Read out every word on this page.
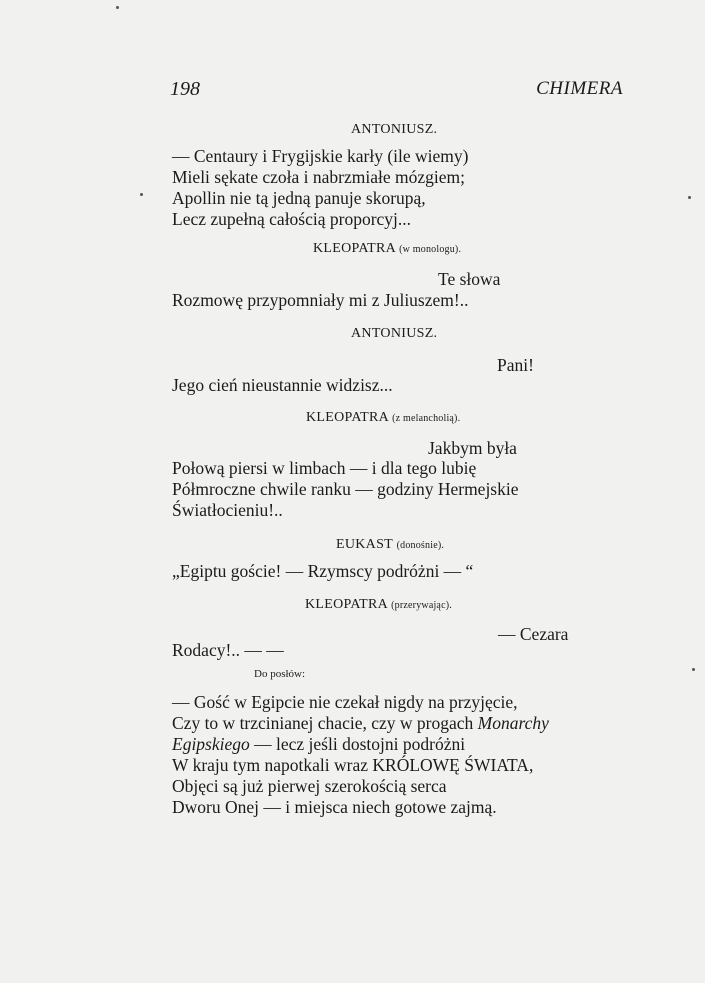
198	CHIMERA
ANTONIUSZ.
— Centaury i Frygijskie karły (ile wiemy)
Mieli sękate czoła i nabrzmiałe mózgiem;
Apollin nie tą jedną panuje skorupą,
Lecz zupełną całością proporcyj...
KLEOPATRA (w monologu).
Te słowa
Rozmowę przypomniały mi z Juliuszem!..
ANTONIUSZ.
Pani!
Jego cień nieustannie widzisz...
KLEOPATRA (z melancholią).
Jakbym była
Połową piersi w limbach — i dla tego lubię
Półmroczne chwile ranku — godziny Hermejskie
Światłocieniu!..
EUKAST (donośnie).
„Egiptu goście! — Rzymscy podróżni — “
KLEOPATRA (przerywając).
— Cezara
Rodacy!.. — —
Do posłów:
— Gość w Egipcie nie czekał nigdy na przyjęcie,
Czy to w trzcinianej chacie, czy w progach Monarchy
Egipskiego — lecz jeśli dostojni podróżni
W kraju tym napotkali wraz KRÓLOWĘ ŚWIATA,
Objęci są już pierwej szerokością serca
Dworu Onej — i miejsca niech gotowe zajmą.
